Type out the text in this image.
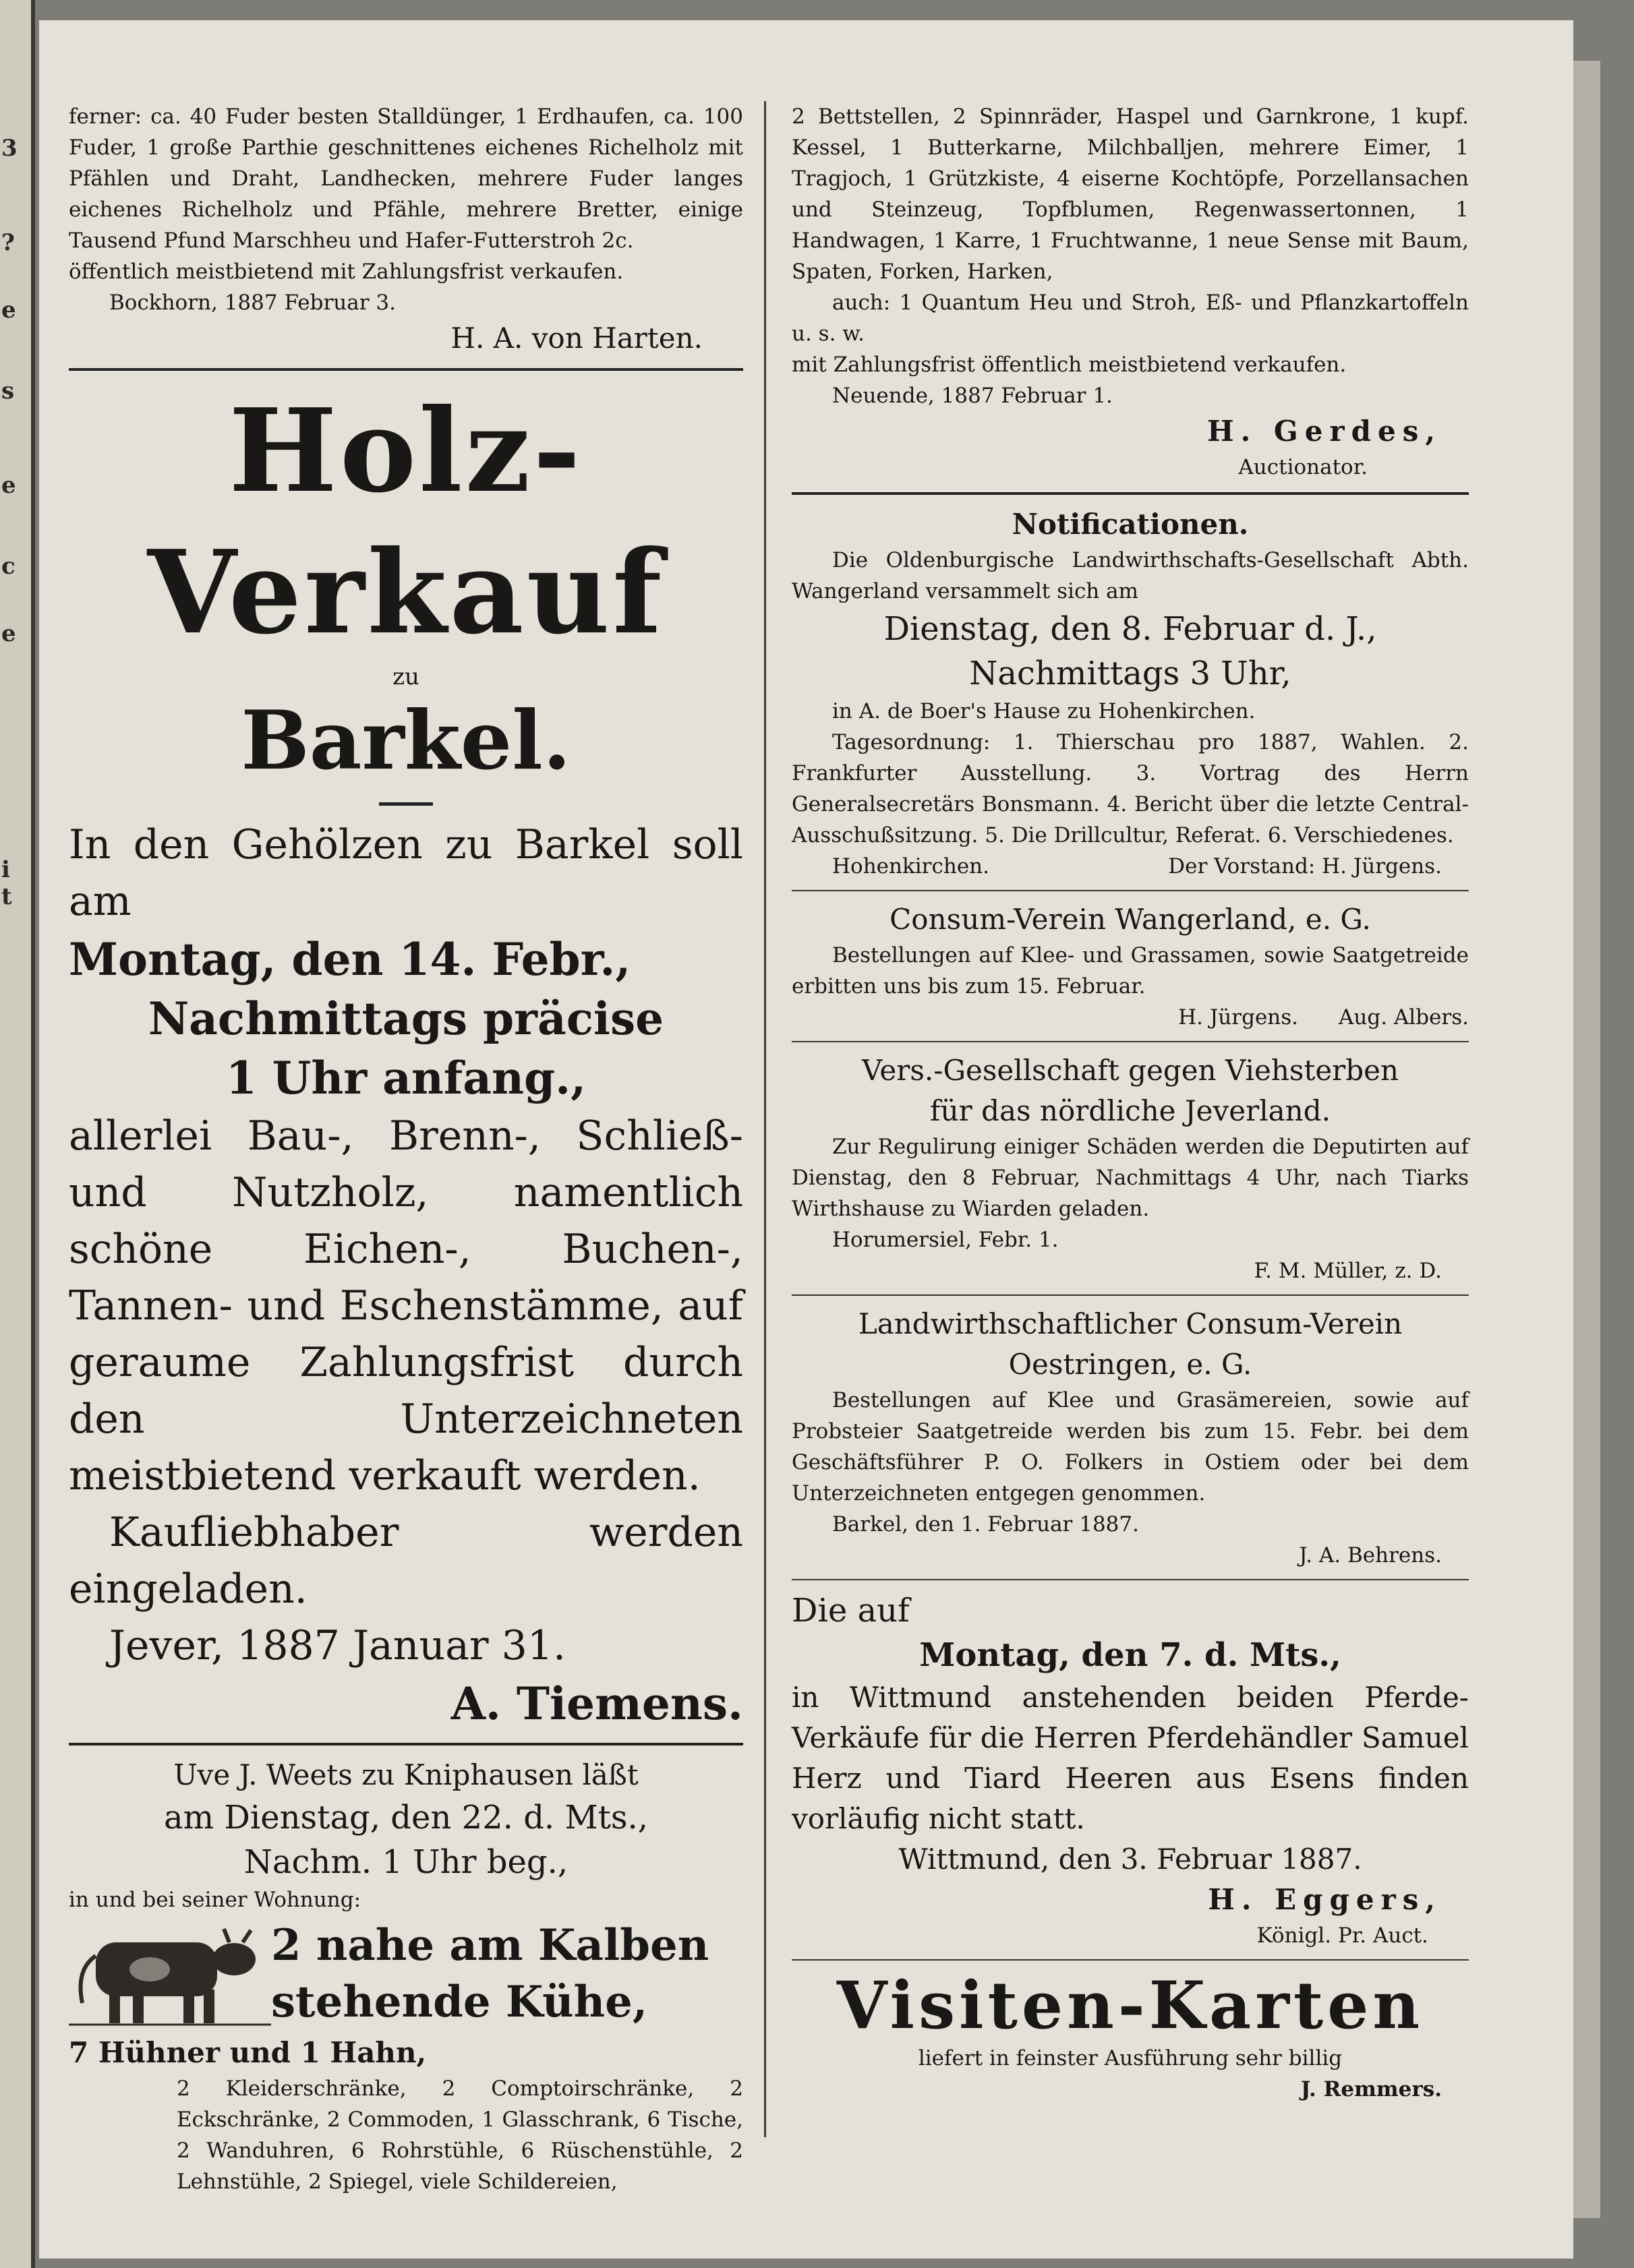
3
?
e
s
e
c
e
i
t

ferner: ca. 40 Fuder besten Stalldünger, 1 Erdhaufen, ca. 100 Fuder, 1 große Parthie geschnittenes eichenes Richelholz mit Pfählen und Draht, Landhecken, mehrere Fuder langes eichenes Richelholz und Pfähle, mehrere Bretter, einige Tausend Pfund Marschheu und Hafer-Futterstroh 2c.

öffentlich meistbietend mit Zahlungsfrist verkaufen.

Bockhorn, 1887 Februar 3.

H. A. von Harten.

Holz-Verkauf

zu

Barkel.

In den Gehölzen zu Barkel soll am

Montag, den 14. Febr.,

Nachmittags präcise

1 Uhr anfang.,

allerlei Bau-, Brenn-, Schließ- und Nutzholz, namentlich schöne Eichen-, Buchen-, Tannen- und Eschenstämme, auf geraume Zahlungsfrist durch den Unterzeichneten meistbietend verkauft werden.

Kaufliebhaber werden eingeladen.

Jever, 1887 Januar 31.

A. Tiemens.

Uve J. Weets zu Kniphausen läßt

am Dienstag, den 22. d. Mts.,

Nachm. 1 Uhr beg.,

in und bei seiner Wohnung:

2 nahe am Kalben stehende Kühe,

7 Hühner und 1 Hahn,

2 Kleiderschränke, 2 Comptoirschränke, 2 Eckschränke, 2 Commoden, 1 Glasschrank, 6 Tische, 2 Wanduhren, 6 Rohrstühle, 6 Rüschenstühle, 2 Lehnstühle, 2 Spiegel, viele Schildereien,

2 Bettstellen, 2 Spinnräder, Haspel und Garnkrone, 1 kupf. Kessel, 1 Butterkarne, Milchballjen, mehrere Eimer, 1 Tragjoch, 1 Grützkiste, 4 eiserne Kochtöpfe, Porzellansachen und Steinzeug, Topfblumen, Regenwassertonnen, 1 Handwagen, 1 Karre, 1 Fruchtwanne, 1 neue Sense mit Baum, Spaten, Forken, Harken,

auch: 1 Quantum Heu und Stroh, Eß- und Pflanzkartoffeln u. s. w.

mit Zahlungsfrist öffentlich meistbietend verkaufen.

Neuende, 1887 Februar 1.

H. Gerdes,

Auctionator.

Notificationen.

Die Oldenburgische Landwirthschafts-Gesellschaft Abth. Wangerland versammelt sich am

Dienstag, den 8. Februar d. J.,

Nachmittags 3 Uhr,

in A. de Boer's Hause zu Hohenkirchen.

Tagesordnung: 1. Thierschau pro 1887, Wahlen. 2. Frankfurter Ausstellung. 3. Vortrag des Herrn Generalsecretärs Bonsmann. 4. Bericht über die letzte Central-Ausschußsitzung. 5. Die Drillcultur, Referat. 6. Verschiedenes.

Hohenkirchen.	Der Vorstand: H. Jürgens.

Consum-Verein Wangerland, e. G.

Bestellungen auf Klee- und Grassamen, sowie Saatgetreide erbitten uns bis zum 15. Februar.

H. Jürgens. Aug. Albers.

Vers.-Gesellschaft gegen Viehsterben

für das nördliche Jeverland.

Zur Regulirung einiger Schäden werden die Deputirten auf Dienstag, den 8 Februar, Nachmittags 4 Uhr, nach Tiarks Wirthshause zu Wiarden geladen.

Horumersiel, Febr. 1.

F. M. Müller, z. D.

Landwirthschaftlicher Consum-Verein

Oestringen, e. G.

Bestellungen auf Klee und Grasämereien, sowie auf Probsteier Saatgetreide werden bis zum 15. Febr. bei dem Geschäftsführer P. O. Folkers in Ostiem oder bei dem Unterzeichneten entgegen genommen.

Barkel, den 1. Februar 1887.

J. A. Behrens.

Die auf

Montag, den 7. d. Mts.,

in Wittmund anstehenden beiden Pferde-Verkäufe für die Herren Pferdehändler Samuel Herz und Tiard Heeren aus Esens finden vorläufig nicht statt.

Wittmund, den 3. Februar 1887.

H. Eggers,

Königl. Pr. Auct.

Visiten-Karten

liefert in feinster Ausführung sehr billig

J. Remmers.
